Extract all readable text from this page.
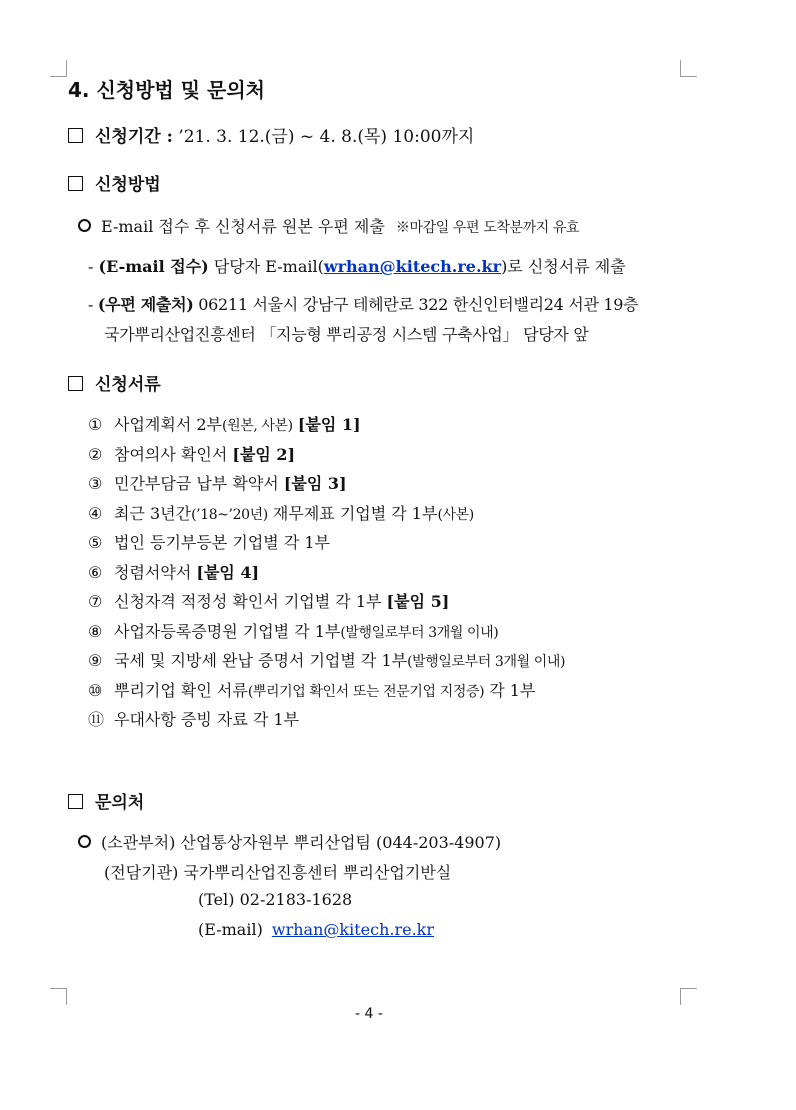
4. 신청방법 및 문의처
신청기간 : ’21. 3. 12.(금) ~ 4. 8.(목) 10:00까지
신청방법
E-mail 접수 후 신청서류 원본 우편 제출 ※마감일 우편 도착분까지 유효
- (E-mail 접수) 담당자 E-mail(wrhan@kitech.re.kr)로 신청서류 제출
- (우편 제출처) 06211 서울시 강남구 테헤란로 322 한신인터밸리24 서관 19층
국가뿌리산업진흥센터 「지능형 뿌리공정 시스템 구축사업」 담당자 앞
신청서류
① 사업계획서 2부(원본, 사본) [붙임 1]
② 참여의사 확인서 [붙임 2]
③ 민간부담금 납부 확약서 [붙임 3]
④ 최근 3년간(’18~’20년) 재무제표 기업별 각 1부(사본)
⑤ 법인 등기부등본 기업별 각 1부
⑥ 청렴서약서 [붙임 4]
⑦ 신청자격 적정성 확인서 기업별 각 1부 [붙임 5]
⑧ 사업자등록증명원 기업별 각 1부(발행일로부터 3개월 이내)
⑨ 국세 및 지방세 완납 증명서 기업별 각 1부(발행일로부터 3개월 이내)
⑩ 뿌리기업 확인 서류(뿌리기업 확인서 또는 전문기업 지정증) 각 1부
⑪ 우대사항 증빙 자료 각 1부
문의처
(소관부처) 산업통상자원부 뿌리산업팀 (044-203-4907)
(전담기관) 국가뿌리산업진흥센터 뿌리산업기반실
(Tel) 02-2183-1628
(E-mail) wrhan@kitech.re.kr
- 4 -
